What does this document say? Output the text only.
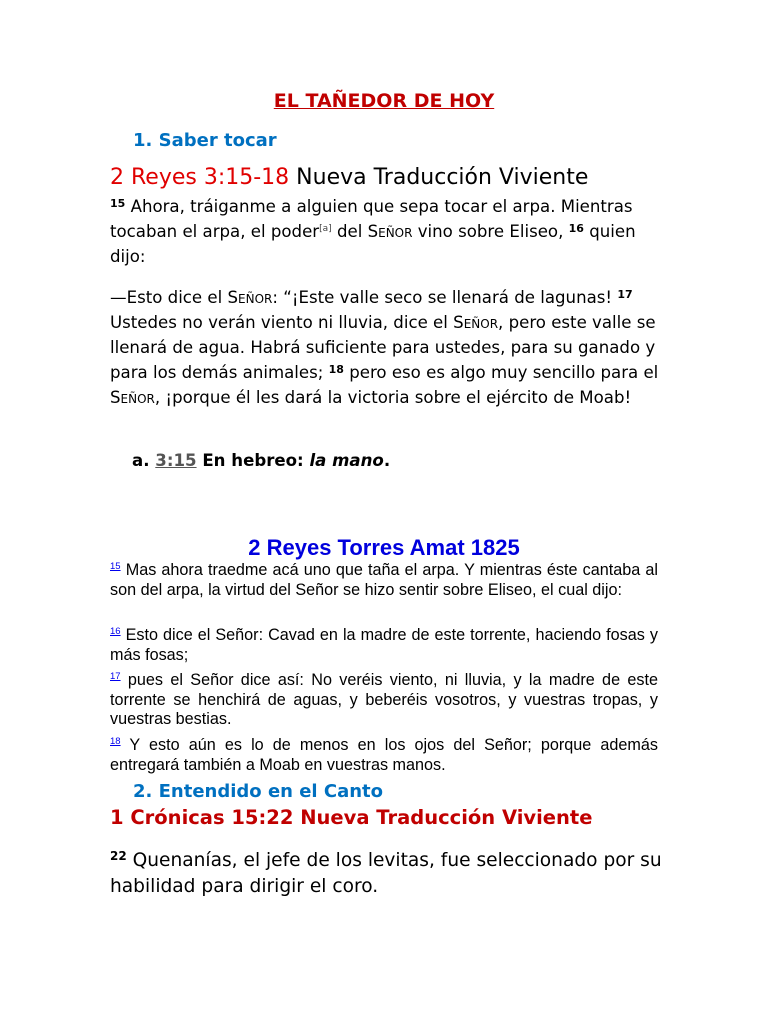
EL TAÑEDOR DE HOY
1. Saber tocar
2 Reyes 3:15-18 Nueva Traducción Viviente
$^{15}$ Ahora, tráiganme a alguien que sepa tocar el arpa. Mientras tocaban el arpa, el poder[a] del Señor vino sobre Eliseo, $^{16}$ quien dijo:
—Esto dice el Señor: “¡Este valle seco se llenará de lagunas! $^{17}$ Ustedes no verán viento ni lluvia, dice el Señor, pero este valle se llenará de agua. Habrá suficiente para ustedes, para su ganado y para los demás animales; $^{18}$ pero eso es algo muy sencillo para el Señor, ¡porque él les dará la victoria sobre el ejército de Moab!
a. 3:15 En hebreo: la mano.
2 Reyes Torres Amat 1825
$^{15}$ Mas ahora traedme acá uno que taña el arpa. Y mientras éste cantaba al son del arpa, la virtud del Señor se hizo sentir sobre Eliseo, el cual dijo:
$^{16}$ Esto dice el Señor: Cavad en la madre de este torrente, haciendo fosas y más fosas;
$^{17}$ pues el Señor dice así: No veréis viento, ni lluvia, y la madre de este torrente se henchirá de aguas, y beberéis vosotros, y vuestras tropas, y vuestras bestias.
$^{18}$ Y esto aún es lo de menos en los ojos del Señor; porque además entregará también a Moab en vuestras manos.
2. Entendido en el Canto
1 Crónicas 15:22 Nueva Traducción Viviente
$^{22}$ Quenanías, el jefe de los levitas, fue seleccionado por su habilidad para dirigir el coro.
